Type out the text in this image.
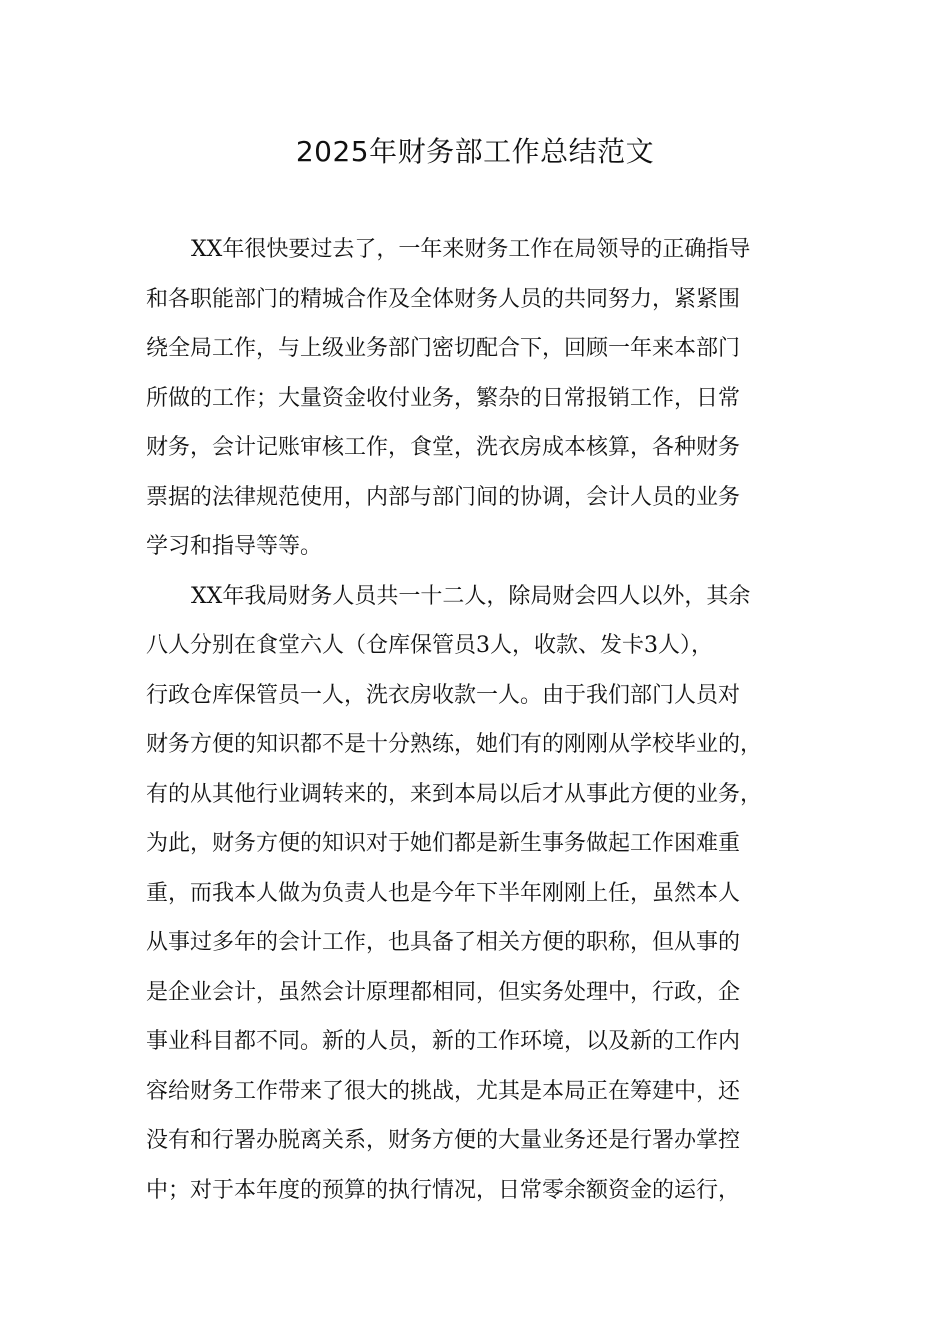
2025年财务部工作总结范文
XX年很快要过去了，一年来财务工作在局领导的正确指导
和各职能部门的精城合作及全体财务人员的共同努力，紧紧围
绕全局工作，与上级业务部门密切配合下，回顾一年来本部门
所做的工作；大量资金收付业务，繁杂的日常报销工作，日常
财务，会计记账审核工作，食堂，洗衣房成本核算，各种财务
票据的法律规范使用，内部与部门间的协调，会计人员的业务
学习和指导等等。
XX年我局财务人员共一十二人，除局财会四人以外，其余
八人分别在食堂六人（仓库保管员3人，收款、发卡3人），
行政仓库保管员一人，洗衣房收款一人。由于我们部门人员对
财务方便的知识都不是十分熟练，她们有的刚刚从学校毕业的，
有的从其他行业调转来的，来到本局以后才从事此方便的业务，
为此，财务方便的知识对于她们都是新生事务做起工作困难重
重，而我本人做为负责人也是今年下半年刚刚上任，虽然本人
从事过多年的会计工作，也具备了相关方便的职称，但从事的
是企业会计，虽然会计原理都相同，但实务处理中，行政，企
事业科目都不同。新的人员，新的工作环境，以及新的工作内
容给财务工作带来了很大的挑战，尤其是本局正在筹建中，还
没有和行署办脱离关系，财务方便的大量业务还是行署办掌控
中；对于本年度的预算的执行情况，日常零余额资金的运行，
